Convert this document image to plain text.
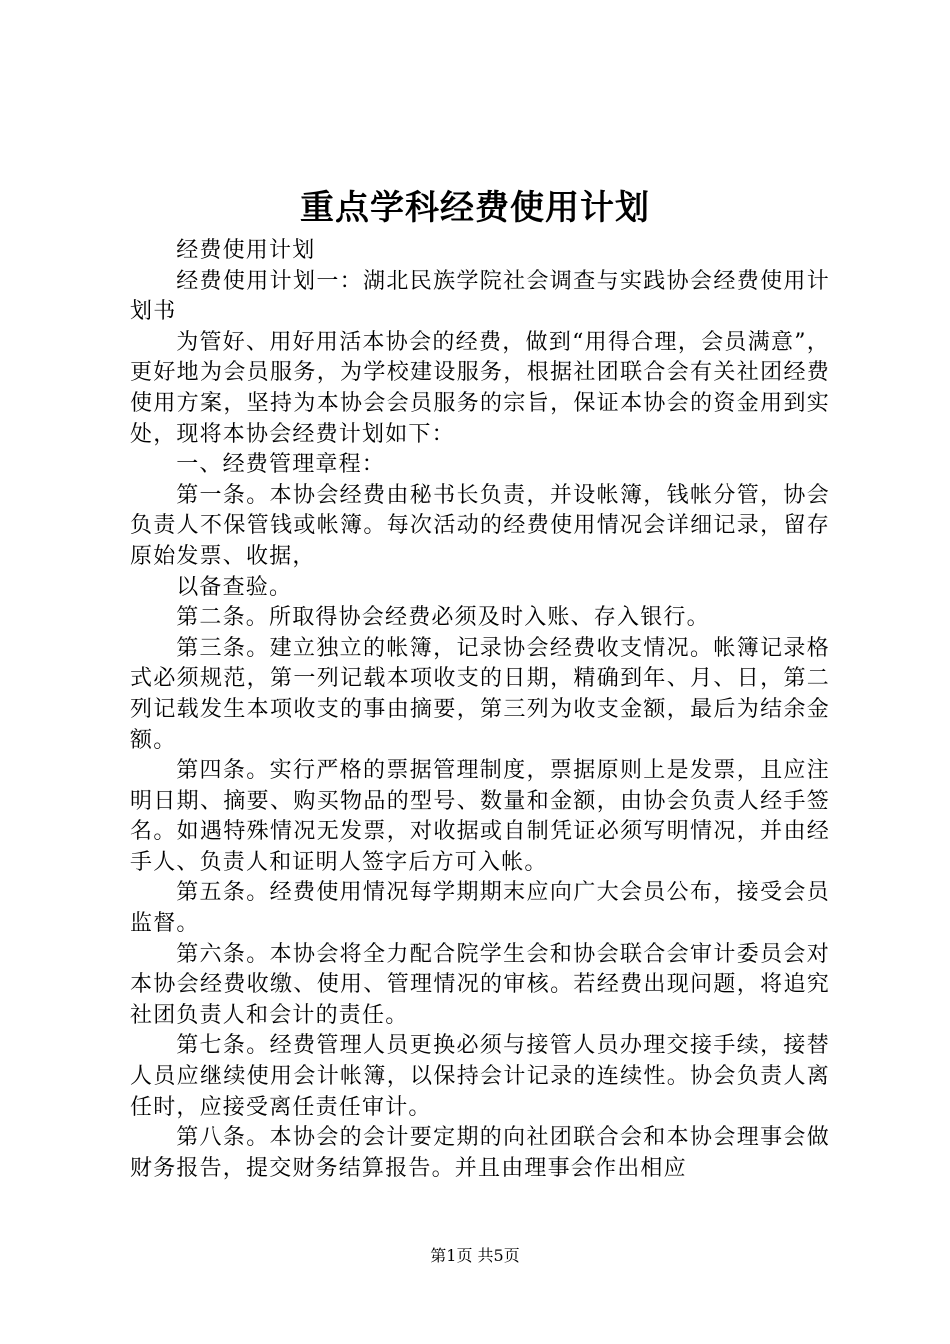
重点学科经费使用计划

经费使用计划

经费使用计划一：湖北民族学院社会调查与实践协会经费使用计划书

为管好、用好用活本协会的经费，做到“用得合理，会员满意”，更好地为会员服务，为学校建设服务，根据社团联合会有关社团经费使用方案，坚持为本协会会员服务的宗旨，保证本协会的资金用到实处，现将本协会经费计划如下：

一、经费管理章程：

第一条。本协会经费由秘书长负责，并设帐簿，钱帐分管，协会负责人不保管钱或帐簿。每次活动的经费使用情况会详细记录，留存原始发票、收据，

以备查验。

第二条。所取得协会经费必须及时入账、存入银行。

第三条。建立独立的帐簿，记录协会经费收支情况。帐簿记录格式必须规范，第一列记载本项收支的日期，精确到年、月、日，第二列记载发生本项收支的事由摘要，第三列为收支金额，最后为结余金额。

第四条。实行严格的票据管理制度，票据原则上是发票，且应注明日期、摘要、购买物品的型号、数量和金额，由协会负责人经手签名。如遇特殊情况无发票，对收据或自制凭证必须写明情况，并由经手人、负责人和证明人签字后方可入帐。

第五条。经费使用情况每学期期末应向广大会员公布，接受会员监督。

第六条。本协会将全力配合院学生会和协会联合会审计委员会对本协会经费收缴、使用、管理情况的审核。若经费出现问题，将追究社团负责人和会计的责任。

第七条。经费管理人员更换必须与接管人员办理交接手续，接替人员应继续使用会计帐簿，以保持会计记录的连续性。协会负责人离任时，应接受离任责任审计。

第八条。本协会的会计要定期的向社团联合会和本协会理事会做财务报告，提交财务结算报告。并且由理事会作出相应

第1页 共5页
